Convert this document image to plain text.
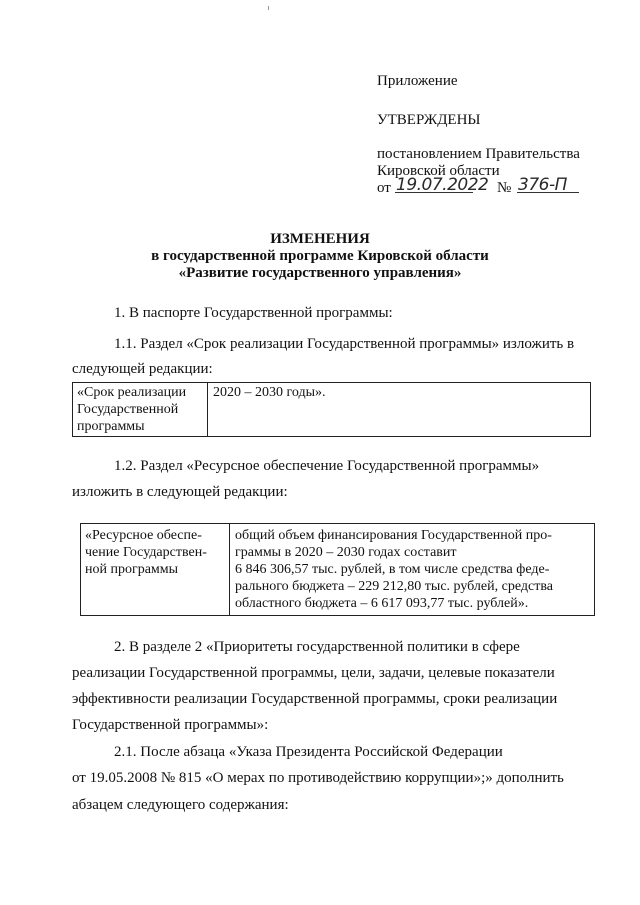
Приложение
УТВЕРЖДЕНЫ
постановлением Правительства
Кировской области
от 19.07.2022 № 376-П
ИЗМЕНЕНИЯ
в государственной программе Кировской области
«Развитие государственного управления»
1. В паспорте Государственной программы:
1.1. Раздел «Срок реализации Государственной программы» изложить в
следующей редакции:
«Срок реализации
Государственной
программы
2020 – 2030 годы».
1.2. Раздел «Ресурсное обеспечение Государственной программы»
изложить в следующей редакции:
«Ресурсное обеспе-
чение Государствен-
ной программы
общий объем финансирования Государственной про-
граммы в 2020 – 2030 годах составит
6 846 306,57 тыс. рублей, в том числе средства феде-
рального бюджета – 229 212,80 тыс. рублей, средства
областного бюджета – 6 617 093,77 тыс. рублей».
2. В разделе 2 «Приоритеты государственной политики в сфере
реализации Государственной программы, цели, задачи, целевые показатели
эффективности реализации Государственной программы, сроки реализации
Государственной программы»:
2.1. После абзаца «Указа Президента Российской Федерации
от 19.05.2008 № 815 «О мерах по противодействию коррупции»;» дополнить
абзацем следующего содержания:
